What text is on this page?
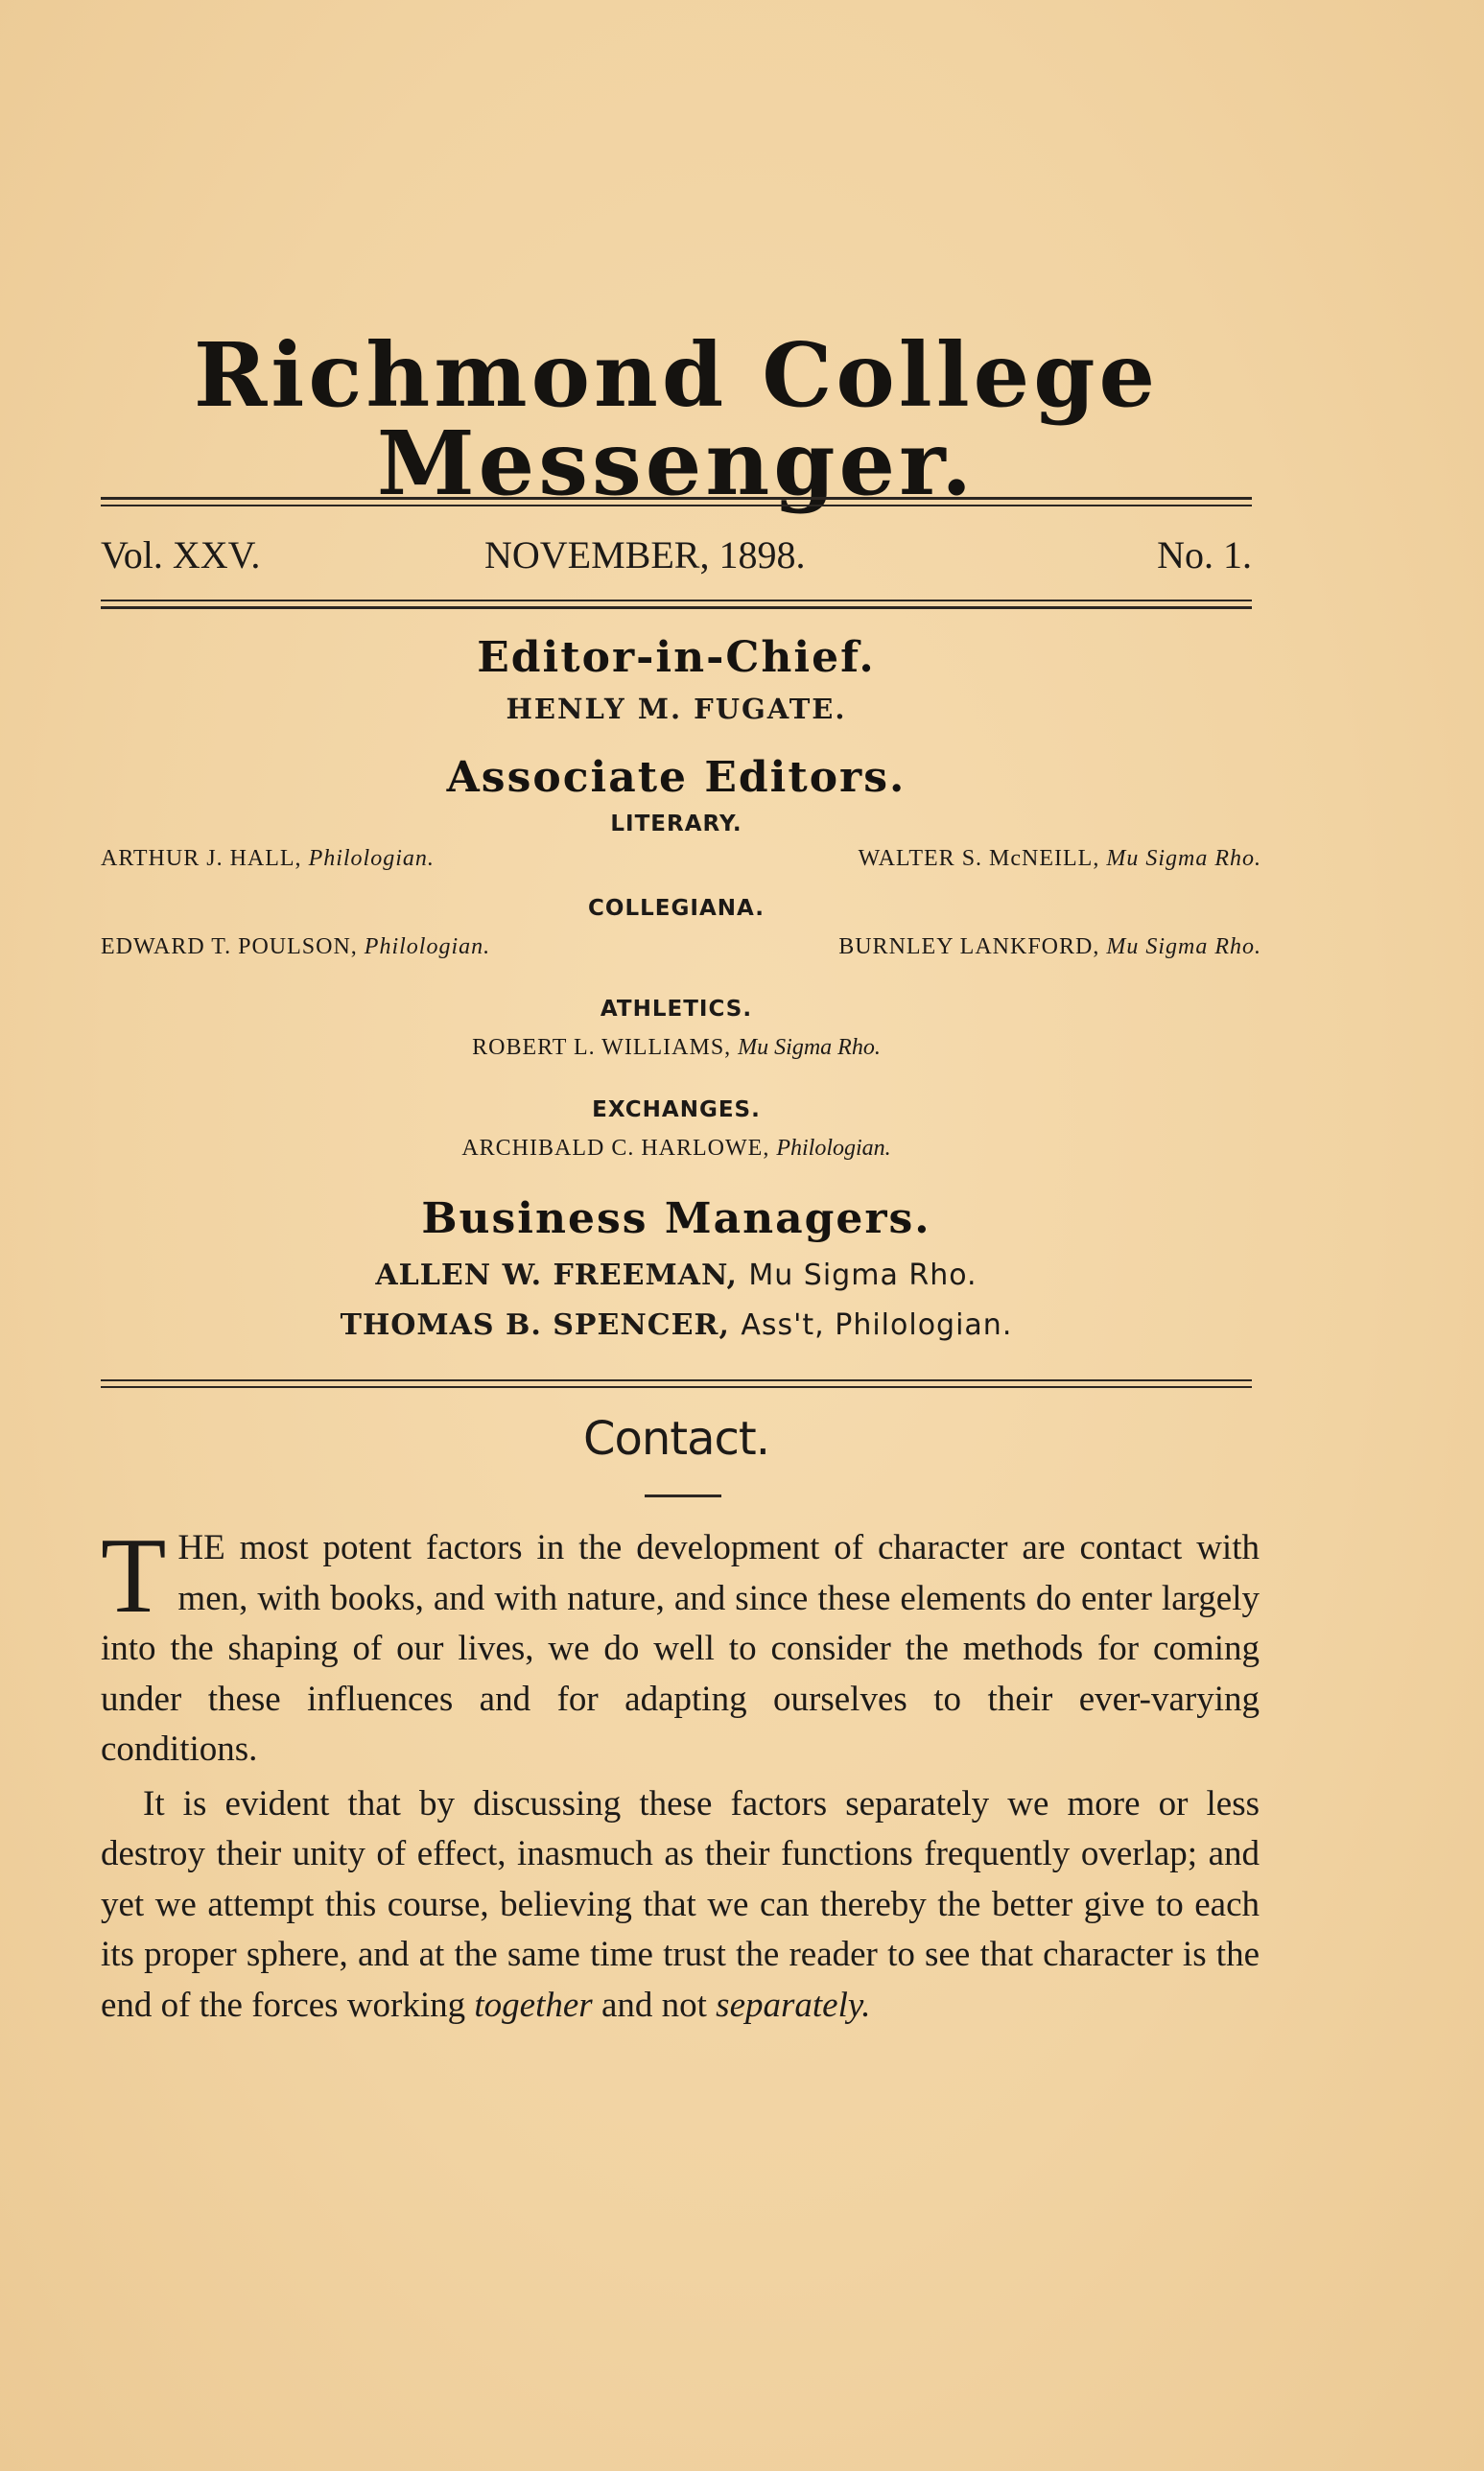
Richmond College Messenger.
Vol. XXV.	NOVEMBER, 1898.	No. 1.
Editor-in-Chief.
HENLY M. FUGATE.
Associate Editors.
LITERARY.
ARTHUR J. HALL, Philologian.	WALTER S. McNEILL, Mu Sigma Rho.
COLLEGIANA.
EDWARD T. POULSON, Philologian.	BURNLEY LANKFORD, Mu Sigma Rho.
ATHLETICS.
ROBERT L. WILLIAMS, Mu Sigma Rho.
EXCHANGES.
ARCHIBALD C. HARLOWE, Philologian.
Business Managers.
ALLEN W. FREEMAN, Mu Sigma Rho.
THOMAS B. SPENCER, Ass't, Philologian.
Contact.

THE most potent factors in the development of character are contact with men, with books, and with nature, and since these elements do enter largely into the shaping of our lives, we do well to consider the methods for coming under these influences and for adapting ourselves to their ever-varying conditions.

It is evident that by discussing these factors separately we more or less destroy their unity of effect, inasmuch as their functions frequently overlap; and yet we attempt this course, believing that we can thereby the better give to each its proper sphere, and at the same time trust the reader to see that character is the end of the forces working together and not separately.
